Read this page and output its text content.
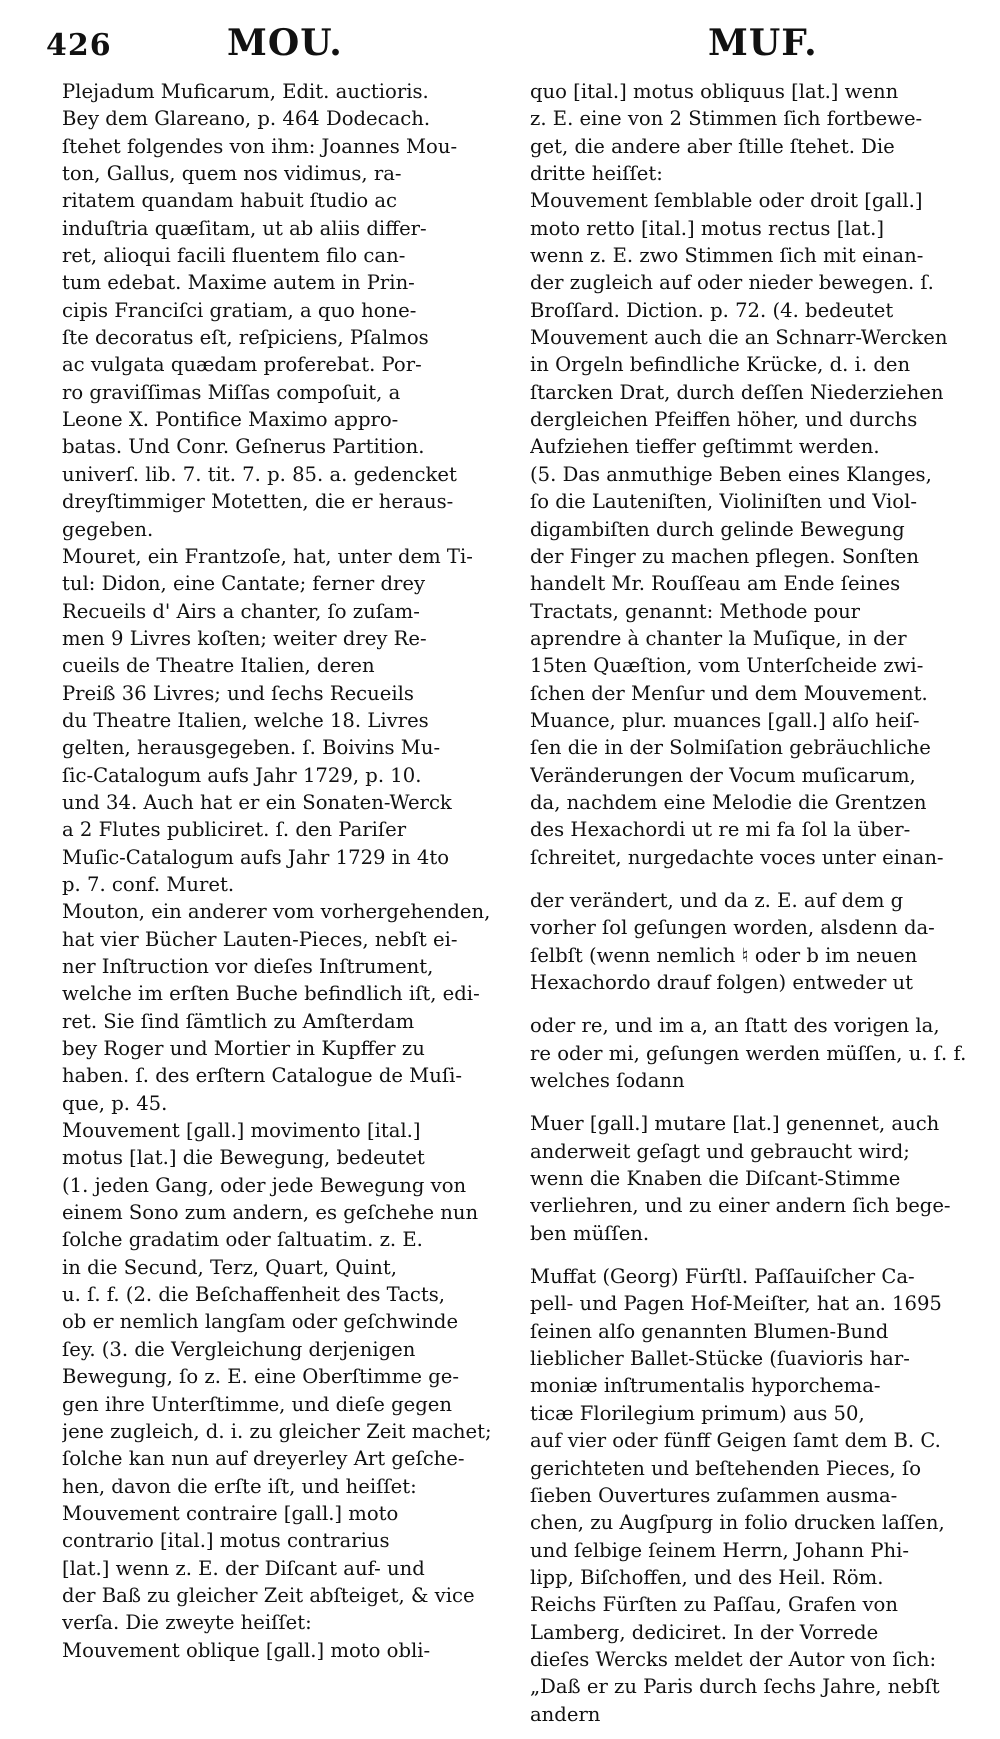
426	MOU.	MUF.
Plejadum Muficarum, Edit. auctioris.
Bey dem Glareano, p. 464 Dodecach.
ſtehet folgendes von ihm: Joannes Mou-
ton, Gallus, quem nos vidimus, ra-
ritatem quandam habuit ſtudio ac
induſtria quæſitam, ut ab aliis differ-
ret, alioqui facili fluentem filo can-
tum edebat. Maxime autem in Prin-
cipis Franciſci gratiam, a quo hone-
ſte decoratus eſt, reſpiciens, Pſalmos
ac vulgata quædam proferebat. Por-
ro graviſſimas Miſſas compoſuit, a
Leone X. Pontifice Maximo appro-
batas. Und Conr. Geſnerus Partition.
univerſ. lib. 7. tit. 7. p. 85. a. gedencket
dreyſtimmiger Motetten, die er heraus-
gegeben.
Mouret, ein Frantzoſe, hat, unter dem Ti-
tul: Didon, eine Cantate; ferner drey
Recueils d' Airs a chanter, ſo zuſam-
men 9 Livres koſten; weiter drey Re-
cueils de Theatre Italien, deren
Preiß 36 Livres; und ſechs Recueils
du Theatre Italien, welche 18. Livres
gelten, herausgegeben. ſ. Boivins Mu-
ſic-Catalogum aufs Jahr 1729, p. 10.
und 34. Auch hat er ein Sonaten-Werck
a 2 Flutes publiciret. ſ. den Pariſer
Muſic-Catalogum aufs Jahr 1729 in 4to
p. 7. conf. Muret.
Mouton, ein anderer vom vorhergehenden,
hat vier Bücher Lauten-Pieces, nebſt ei-
ner Inſtruction vor dieſes Inſtrument,
welche im erſten Buche befindlich iſt, edi-
ret. Sie ſind ſämtlich zu Amſterdam
bey Roger und Mortier in Kupffer zu
haben. ſ. des erſtern Catalogue de Muſi-
que, p. 45.
Mouvement [gall.] movimento [ital.]
motus [lat.] die Bewegung, bedeutet
(1. jeden Gang, oder jede Bewegung von
einem Sono zum andern, es geſchehe nun
ſolche gradatim oder ſaltuatim. z. E.
in die Secund, Terz, Quart, Quint,
u. ſ. f. (2. die Beſchaffenheit des Tacts,
ob er nemlich langſam oder geſchwinde
ſey. (3. die Vergleichung derjenigen
Bewegung, ſo z. E. eine Oberſtimme ge-
gen ihre Unterſtimme, und dieſe gegen
jene zugleich, d. i. zu gleicher Zeit machet;
ſolche kan nun auf dreyerley Art geſche-
hen, davon die erſte iſt, und heiſſet:
Mouvement contraire [gall.] moto
contrario [ital.] motus contrarius
[lat.] wenn z. E. der Diſcant auf- und
der Baß zu gleicher Zeit abſteiget, & vice
verſa. Die zweyte heiſſet:
Mouvement oblique [gall.] moto obli-
quo [ital.] motus obliquus [lat.] wenn
z. E. eine von 2 Stimmen ſich fortbewe-
get, die andere aber ſtille ſtehet. Die
dritte heiſſet:
Mouvement ſemblable oder droit [gall.]
moto retto [ital.] motus rectus [lat.]
wenn z. E. zwo Stimmen ſich mit einan-
der zugleich auf oder nieder bewegen. ſ.
Broſſard. Diction. p. 72. (4. bedeutet
Mouvement auch die an Schnarr-Wercken
in Orgeln befindliche Krücke, d. i. den
ſtarcken Drat, durch deſſen Niederziehen
dergleichen Pfeiffen höher, und durchs
Aufziehen tieffer geſtimmt werden.
(5. Das anmuthige Beben eines Klanges,
ſo die Lauteniſten, Violiniſten und Viol-
digambiſten durch gelinde Bewegung
der Finger zu machen pflegen. Sonſten
handelt Mr. Rouſſeau am Ende ſeines
Tractats, genannt: Methode pour
aprendre à chanter la Muſique, in der
15ten Quæſtion, vom Unterſcheide zwi-
ſchen der Menſur und dem Mouvement.
Muance, plur. muances [gall.] alſo heiſ-
ſen die in der Solmiſation gebräuchliche
Veränderungen der Vocum muſicarum,
da, nachdem eine Melodie die Grentzen
des Hexachordi ut re mi fa ſol la über-
ſchreitet, nurgedachte voces unter einan-
der verändert, und da z. E. auf dem g
vorher ſol geſungen worden, alsdenn da-
ſelbſt (wenn nemlich ♮ oder b im neuen
Hexachordo drauf folgen) entweder ut
oder re, und im a, an ſtatt des vorigen la,
re oder mi, geſungen werden müſſen, u. ſ. f.
welches ſodann
Muer [gall.] mutare [lat.] genennet, auch
anderweit geſagt und gebraucht wird;
wenn die Knaben die Diſcant-Stimme
verliehren, und zu einer andern ſich bege-
ben müſſen.
Muffat (Georg) Fürſtl. Paſſauiſcher Ca-
pell- und Pagen Hof-Meiſter, hat an. 1695
ſeinen alſo genannten Blumen-Bund
lieblicher Ballet-Stücke (ſuavioris har-
moniæ inſtrumentalis hyporchema-
ticæ Florilegium primum) aus 50,
auf vier oder fünff Geigen ſamt dem B. C.
gerichteten und beſtehenden Pieces, ſo
ſieben Ouvertures zuſammen ausma-
chen, zu Augſpurg in folio drucken laſſen,
und ſelbige ſeinem Herrn, Johann Phi-
lipp, Biſchoffen, und des Heil. Röm.
Reichs Fürſten zu Paſſau, Grafen von
Lamberg, dediciret. In der Vorrede
dieſes Wercks meldet der Autor von ſich:
„Daß er zu Paris durch ſechs Jahre, nebſt
andern
